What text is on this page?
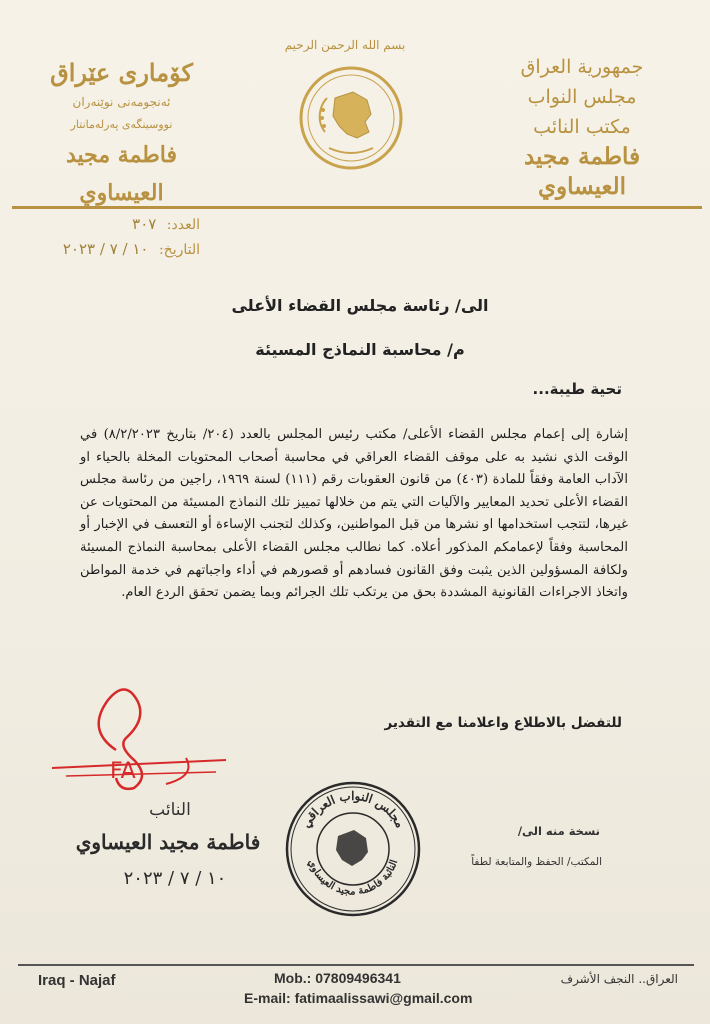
جمهورية العراق
مجلس النواب
مكتب النائب
فاطمة مجيد العيساوي
كۆماری عێراق
ئەنجومەنی نوێنەران
نووسینگەی پەرلەمانتار
فاطمة مجيد العيساوي
بسم الله الرحمن الرحيم
العدد: ٣٠٧
التاريخ: ١٠ / ٧ / ٢٠٢٣
الى/ رئاسة مجلس القضاء الأعلى
م/ محاسبة النماذج المسيئة
تحية طيبة...
إشارة إلى إعمام مجلس القضاء الأعلى/ مكتب رئيس المجلس بالعدد (٢٠٤/ بتاريخ ٨/٢/٢٠٢٣) في الوقت الذي نشيد به على موقف القضاء العراقي في محاسبة أصحاب المحتويات المخلة بالحياء او الآداب العامة وفقاً للمادة (٤٠٣) من قانون العقوبات رقم (١١١) لسنة ١٩٦٩، راجين من رئاسة مجلس القضاء الأعلى تحديد المعايير والآليات التي يتم من خلالها تمييز تلك النماذج المسيئة من المحتويات عن غيرها، لتتجب استخدامها او نشرها من قبل المواطنين، وكذلك لتجنب الإساءة أو التعسف في الإخبار أو المحاسبة وفقاً لإعمامكم المذكور أعلاه. كما نطالب مجلس القضاء الأعلى بمحاسبة النماذج المسيئة ولكافة المسؤولين الذين يثبت وفق القانون فسادهم أو قصورهم في أداء واجباتهم في خدمة المواطن واتخاذ الاجراءات القانونية المشددة بحق من يرتكب تلك الجرائم وبما يضمن تحقق الردع العام.
للتفضل بالاطلاع واعلامنا مع التقدير
FA
النائب
فاطمة مجيد العيساوي
١٠ / ٧ / ٢٠٢٣
مجلس النواب العراقي
النائبة فاطمة مجيد العيساوي
نسخة منه الى/
المكتب/ الحفظ والمتابعة لطفاً
Iraq - Najaf	Mob.: 07809496341
E-mail: fatimaalissawi@gmail.com
العراق.. النجف الأشرف
